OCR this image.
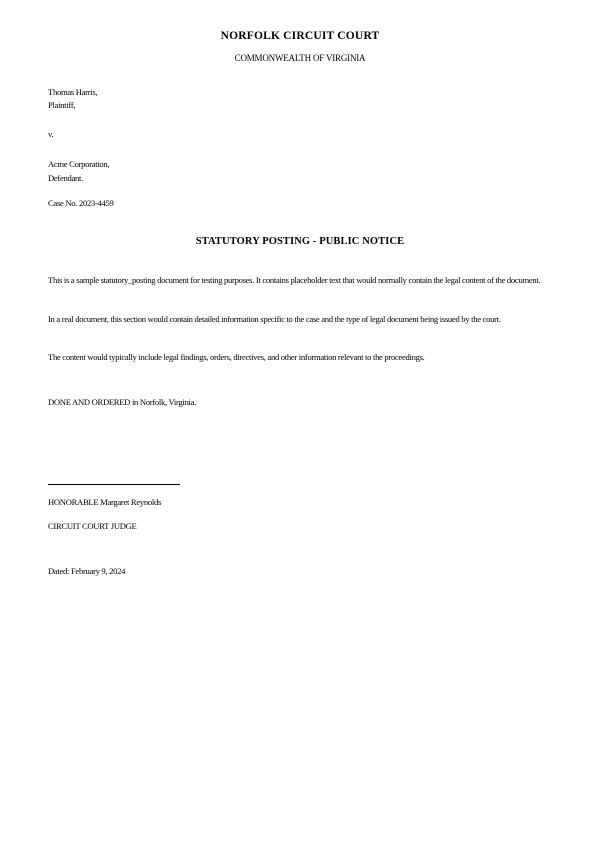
NORFOLK CIRCUIT COURT
COMMONWEALTH OF VIRGINIA
Thomas Harris,
Plaintiff,
v.
Acme Corporation,
Defendant.
Case No. 2023-4459
STATUTORY POSTING - PUBLIC NOTICE
This is a sample statutory_posting document for testing purposes. It contains placeholder text that would normally contain the legal content of the document.
In a real document, this section would contain detailed information specific to the case and the type of legal document being issued by the court.
The content would typically include legal findings, orders, directives, and other information relevant to the proceedings.
DONE AND ORDERED in Norfolk, Virginia.
HONORABLE Margaret Reynolds
CIRCUIT COURT JUDGE
Dated: February 9, 2024
